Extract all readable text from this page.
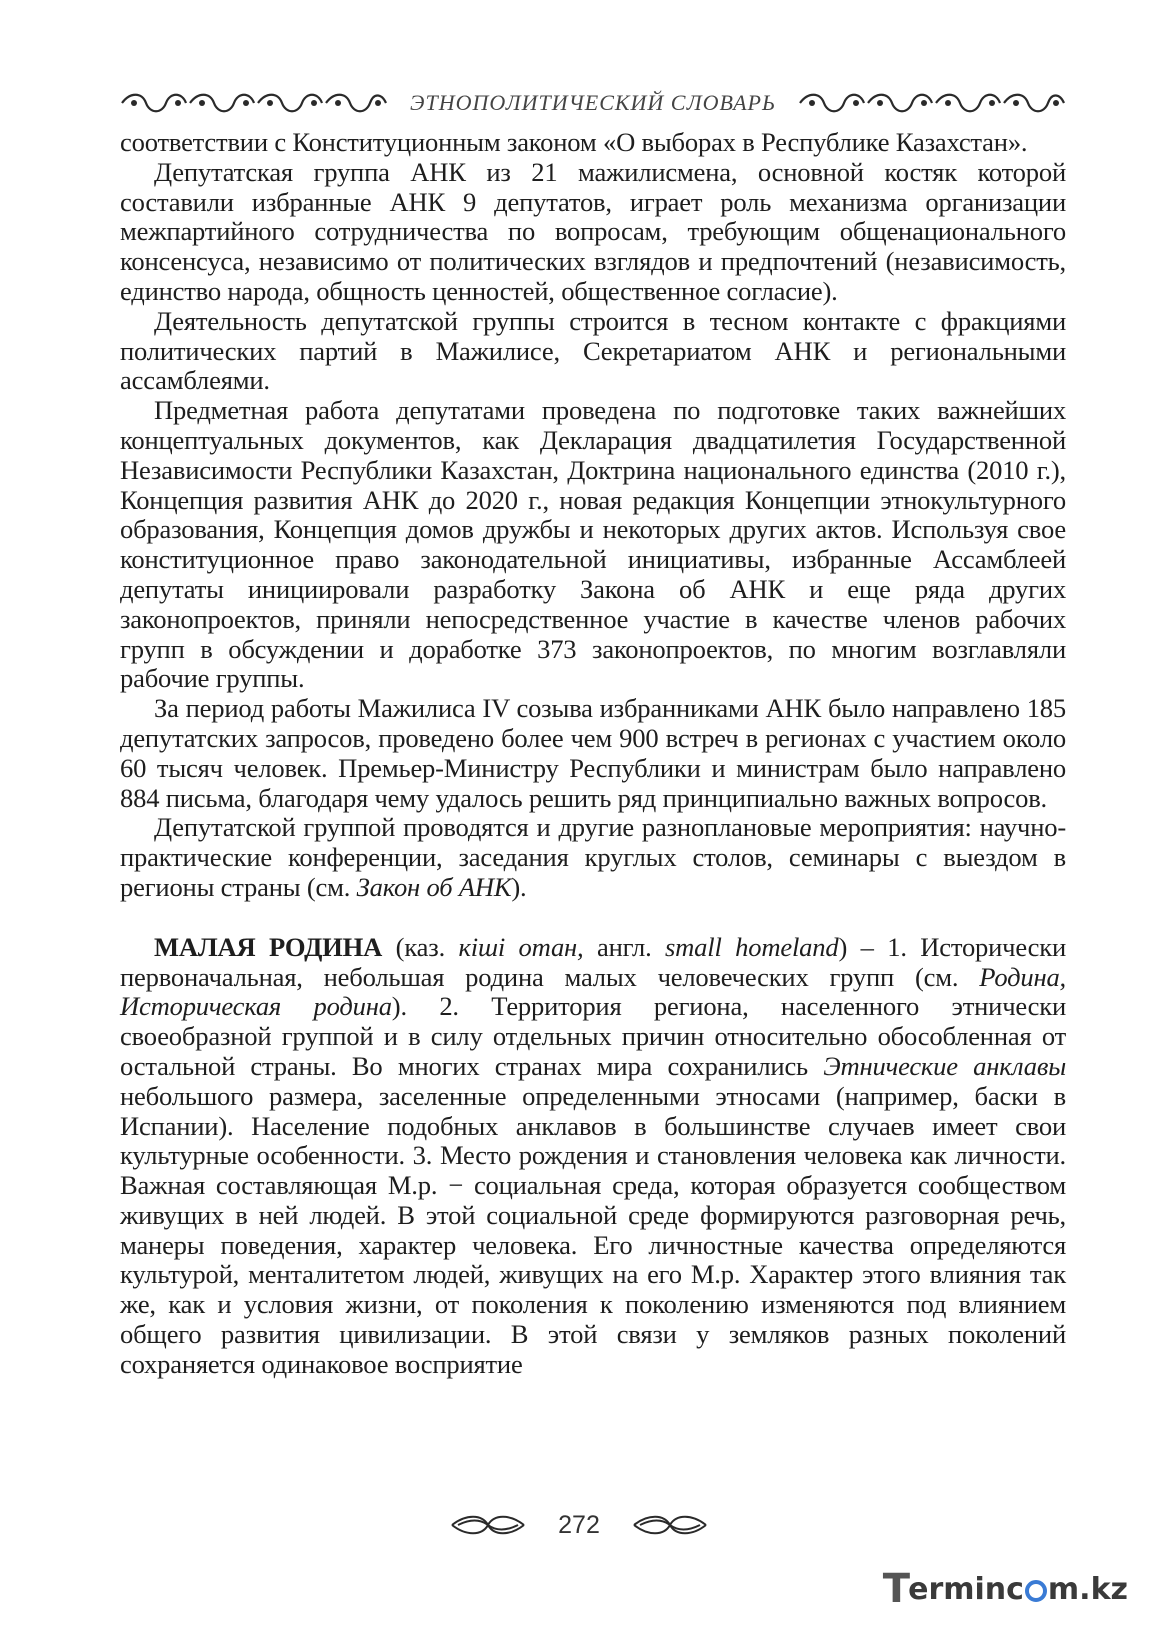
ЭТНОПОЛИТИЧЕСКИЙ СЛОВАРЬ

соответствии с Конституционным законом «О выборах в Республике Казахстан».

Депутатская группа АНК из 21 мажилисмена, основной костяк которой составили избранные АНК 9 депутатов, играет роль механизма организации межпартийного сотрудничества по вопросам, требующим общенационального консенсуса, независимо от политических взглядов и предпочтений (независимость, единство народа, общность ценностей, общественное согласие).

Деятельность депутатской группы строится в тесном контакте с фракциями политических партий в Мажилисе, Секретариатом АНК и региональными ассамблеями.

Предметная работа депутатами проведена по подготовке таких важнейших концептуальных документов, как Декларация двадцатилетия Государственной Независимости Республики Казахстан, Доктрина национального единства (2010 г.), Концепция развития АНК до 2020 г., новая редакция Концепции этнокультурного образования, Концепция домов дружбы и некоторых других актов. Используя свое конституционное право законодательной инициативы, избранные Ассамблеей депутаты инициировали разработку Закона об АНК и еще ряда других законопроектов, приняли непосредственное участие в качестве членов рабочих групп в обсуждении и доработке 373 законопроектов, по многим возглавляли рабочие группы.

За период работы Мажилиса IV созыва избранниками АНК было направлено 185 депутатских запросов, проведено более чем 900 встреч в регионах с участием около 60 тысяч человек. Премьер-Министру Республики и министрам было направлено 884 письма, благодаря чему удалось решить ряд принципиально важных вопросов.

Депутатской группой проводятся и другие разноплановые мероприятия: научно-практические конференции, заседания круглых столов, семинары с выездом в регионы страны (см. Закон об АНК).

МАЛАЯ РОДИНА (каз. кіші отан, англ. small homeland) – 1. Исторически первоначальная, небольшая родина малых человеческих групп (см. Родина, Историческая родина). 2. Территория региона, населенного этнически своеобразной группой и в силу отдельных причин относительно обособленная от остальной страны. Во многих странах мира сохранились Этнические анклавы небольшого размера, заселенные определенными этносами (например, баски в Испании). Население подобных анклавов в большинстве случаев имеет свои культурные особенности. 3. Место рождения и становления человека как личности. Важная составляющая М.р. − социальная среда, которая образуется сообществом живущих в ней людей. В этой социальной среде формируются разговорная речь, манеры поведения, характер человека. Его личностные качества определяются культурой, менталитетом людей, живущих на его М.р. Характер этого влияния так же, как и условия жизни, от поколения к поколению изменяются под влиянием общего развития цивилизации. В этой связи у земляков разных поколений сохраняется одинаковое восприятие

272
T
erminc m.kz
